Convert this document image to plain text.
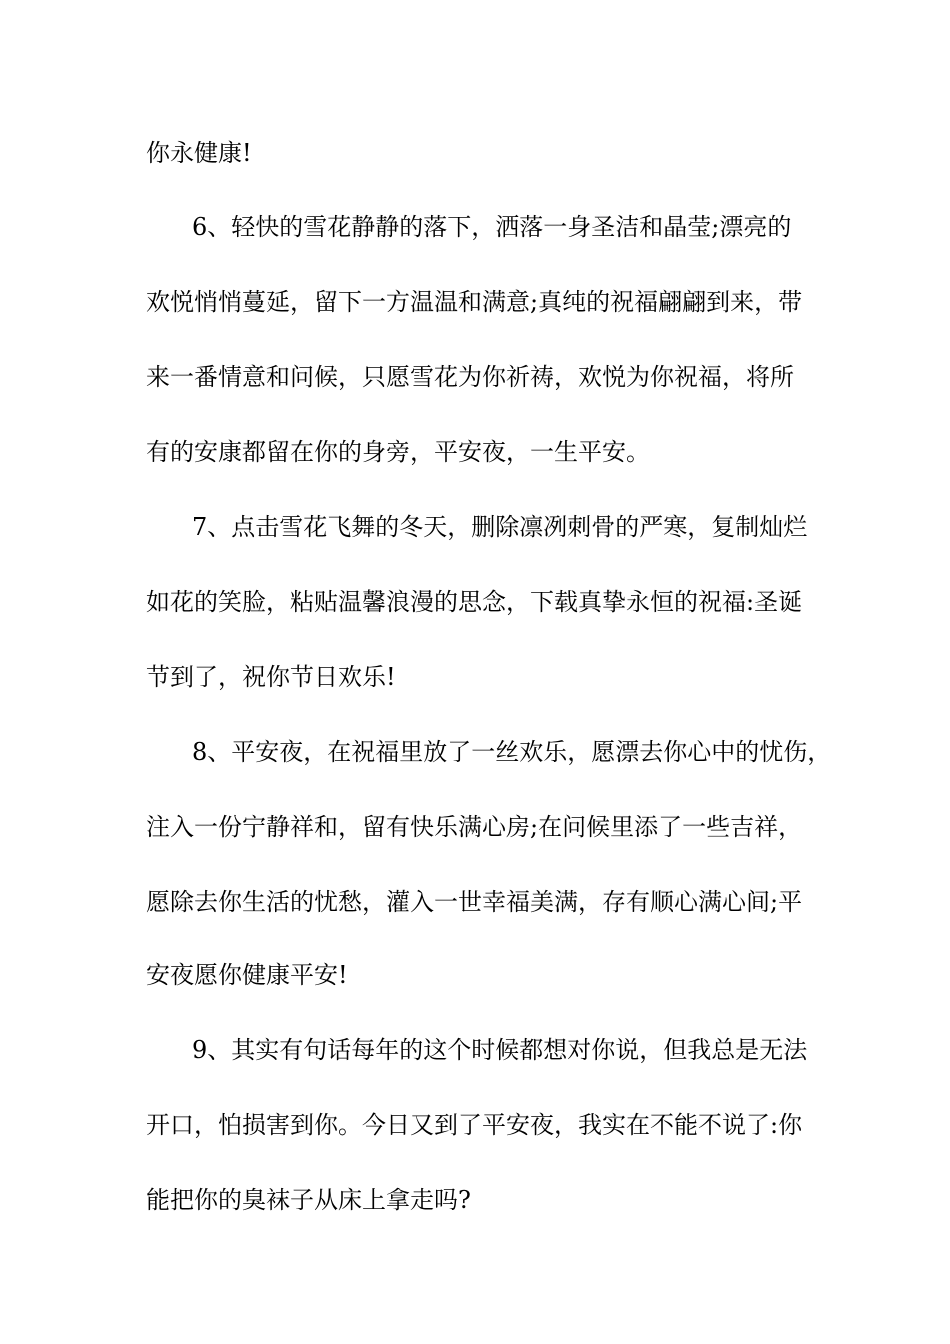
你永健康!
6、轻快的雪花静静的落下，洒落一身圣洁和晶莹;漂亮的
欢悦悄悄蔓延，留下一方温温和满意;真纯的祝福翩翩到来，带
来一番情意和问候，只愿雪花为你祈祷，欢悦为你祝福，将所
有的安康都留在你的身旁，平安夜，一生平安。
7、点击雪花飞舞的冬天，删除凛冽刺骨的严寒，复制灿烂
如花的笑脸，粘贴温馨浪漫的思念，下载真挚永恒的祝福:圣诞
节到了，祝你节日欢乐!
8、平安夜，在祝福里放了一丝欢乐，愿漂去你心中的忧伤，
注入一份宁静祥和，留有快乐满心房;在问候里添了一些吉祥，
愿除去你生活的忧愁，灌入一世幸福美满，存有顺心满心间;平
安夜愿你健康平安!
9、其实有句话每年的这个时候都想对你说，但我总是无法
开口，怕损害到你。今日又到了平安夜，我实在不能不说了:你
能把你的臭袜子从床上拿走吗?
